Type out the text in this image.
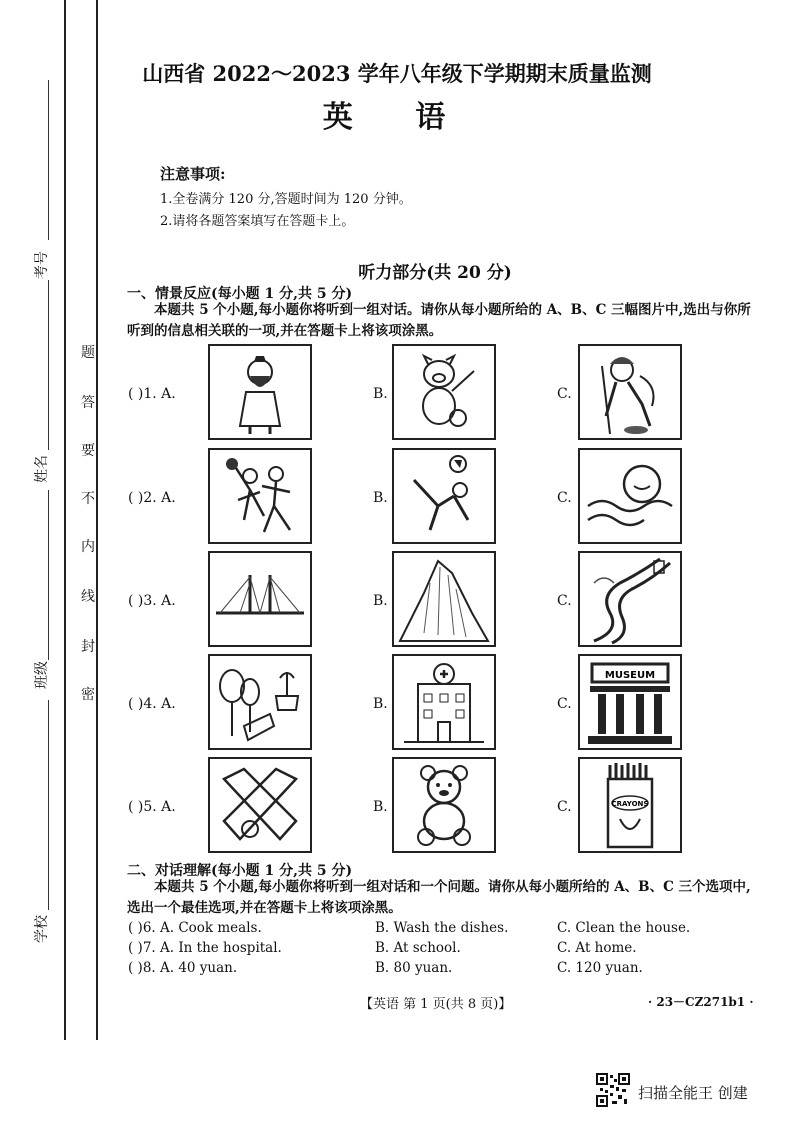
考号
姓名
班级
学校
题
答
要
不
内
线
封
密
山西省 2022～2023 学年八年级下学期期末质量监测
英 语
注意事项:
1.全卷满分 120 分,答题时间为 120 分钟。
2.请将各题答案填写在答题卡上。
听力部分(共 20 分)
一、情景反应(每小题 1 分,共 5 分)
本题共 5 个小题,每小题你将听到一组对话。请你从每小题所给的 A、B、C 三幅图片中,选出与你所听到的信息相关联的一项,并在答题卡上将该项涂黑。
( )1. A.	B.	C.
( )2. A.	B.	C.
( )3. A.	B.	C.
( )4. A.	B.	C.
MUSEUM
( )5. A.	B.	C.	CRAYONS
二、对话理解(每小题 1 分,共 5 分)
本题共 5 个小题,每小题你将听到一组对话和一个问题。请你从每小题所给的 A、B、C 三个选项中,选出一个最佳选项,并在答题卡上将该项涂黑。
( )6. A. Cook meals.	B. Wash the dishes.	C. Clean the house.
( )7. A. In the hospital.	B. At school.	C. At home.
( )8. A. 40 yuan.	B. 80 yuan.	C. 120 yuan.
【英语 第 1 页(共 8 页)】	· 23－CZ271b1 ·
扫描全能王 创建
